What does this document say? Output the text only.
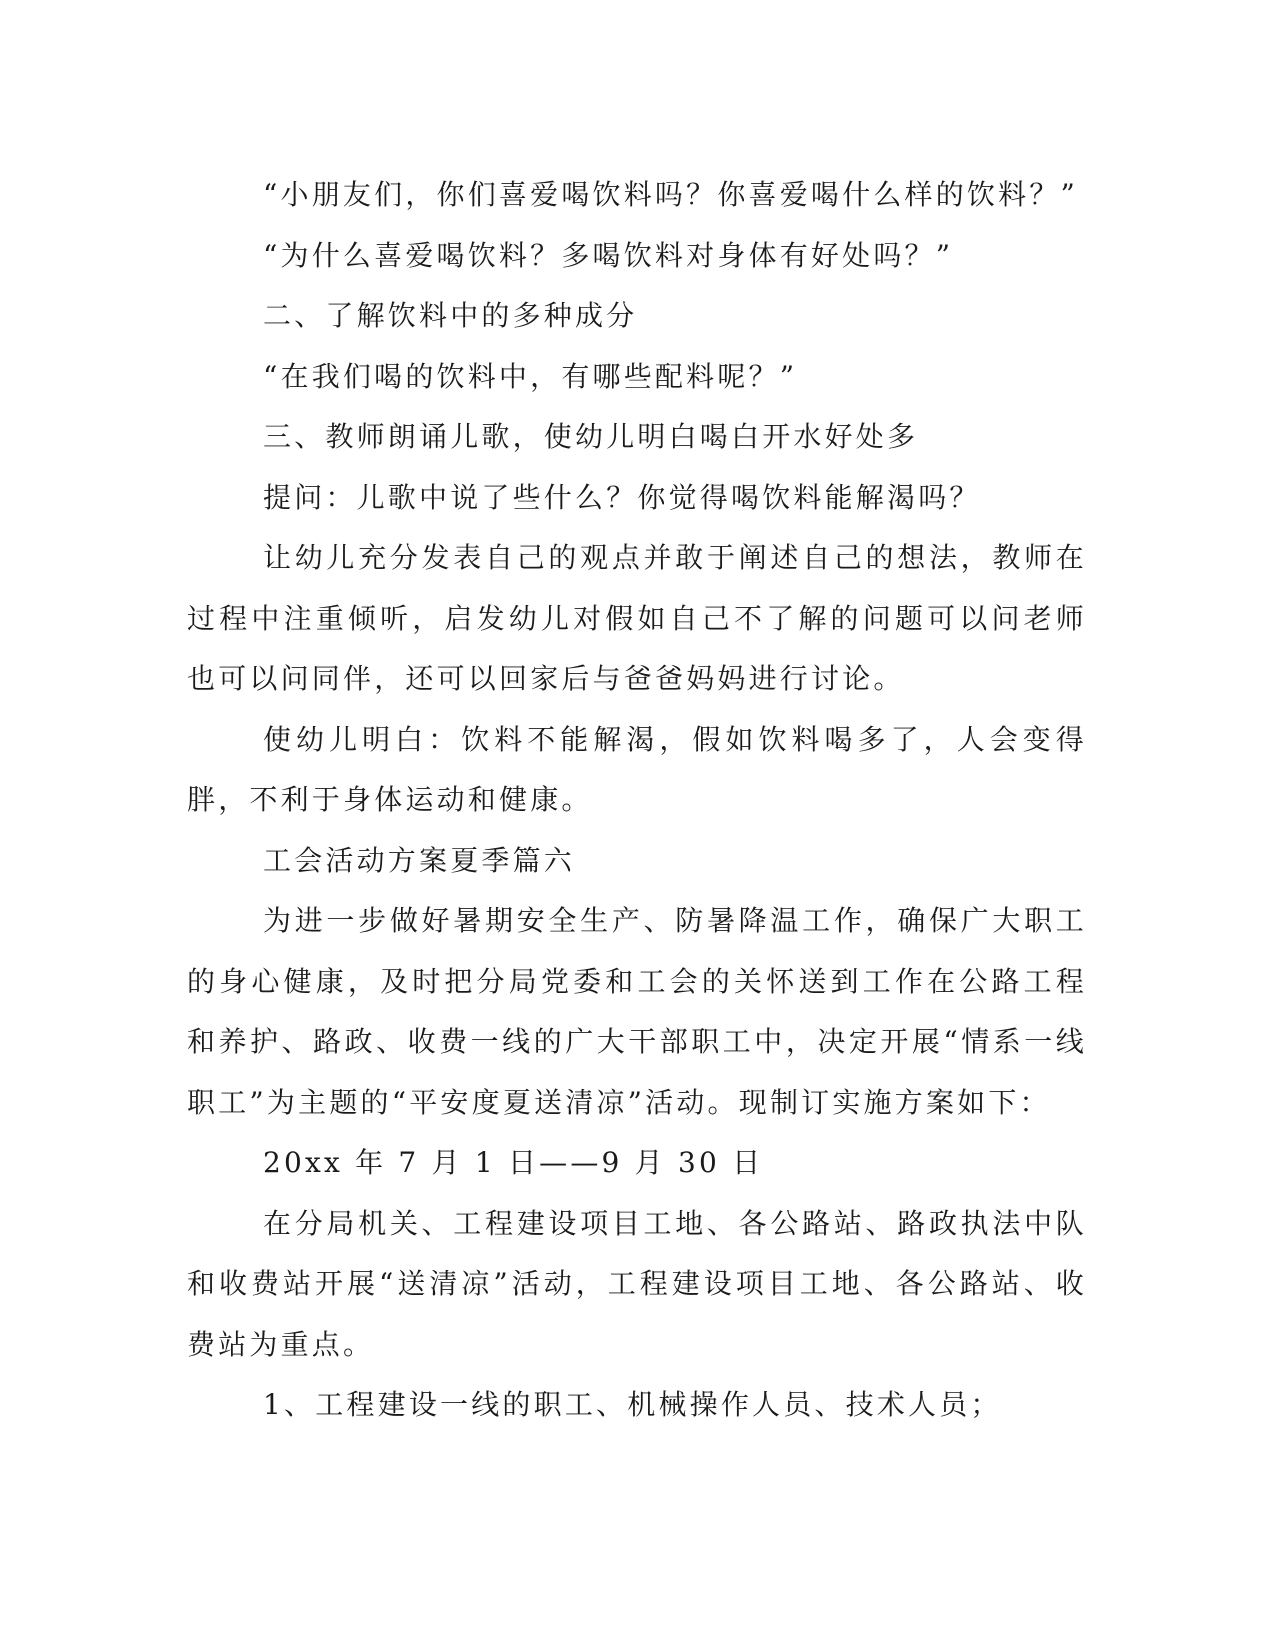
“小朋友们，你们喜爱喝饮料吗？你喜爱喝什么样的饮料？”

“为什么喜爱喝饮料？多喝饮料对身体有好处吗？”

二、了解饮料中的多种成分

“在我们喝的饮料中，有哪些配料呢？”

三、教师朗诵儿歌，使幼儿明白喝白开水好处多

提问：儿歌中说了些什么？你觉得喝饮料能解渴吗？

让幼儿充分发表自己的观点并敢于阐述自己的想法，教师在过程中注重倾听，启发幼儿对假如自己不了解的问题可以问老师也可以问同伴，还可以回家后与爸爸妈妈进行讨论。

使幼儿明白：饮料不能解渴，假如饮料喝多了，人会变得胖，不利于身体运动和健康。

工会活动方案夏季篇六

为进一步做好暑期安全生产、防暑降温工作，确保广大职工的身心健康，及时把分局党委和工会的关怀送到工作在公路工程和养护、路政、收费一线的广大干部职工中，决定开展“情系一线职工”为主题的“平安度夏送清凉”活动。现制订实施方案如下：

20xx 年 7 月 1 日——9 月 30 日

在分局机关、工程建设项目工地、各公路站、路政执法中队和收费站开展“送清凉”活动，工程建设项目工地、各公路站、收费站为重点。

1、工程建设一线的职工、机械操作人员、技术人员；
